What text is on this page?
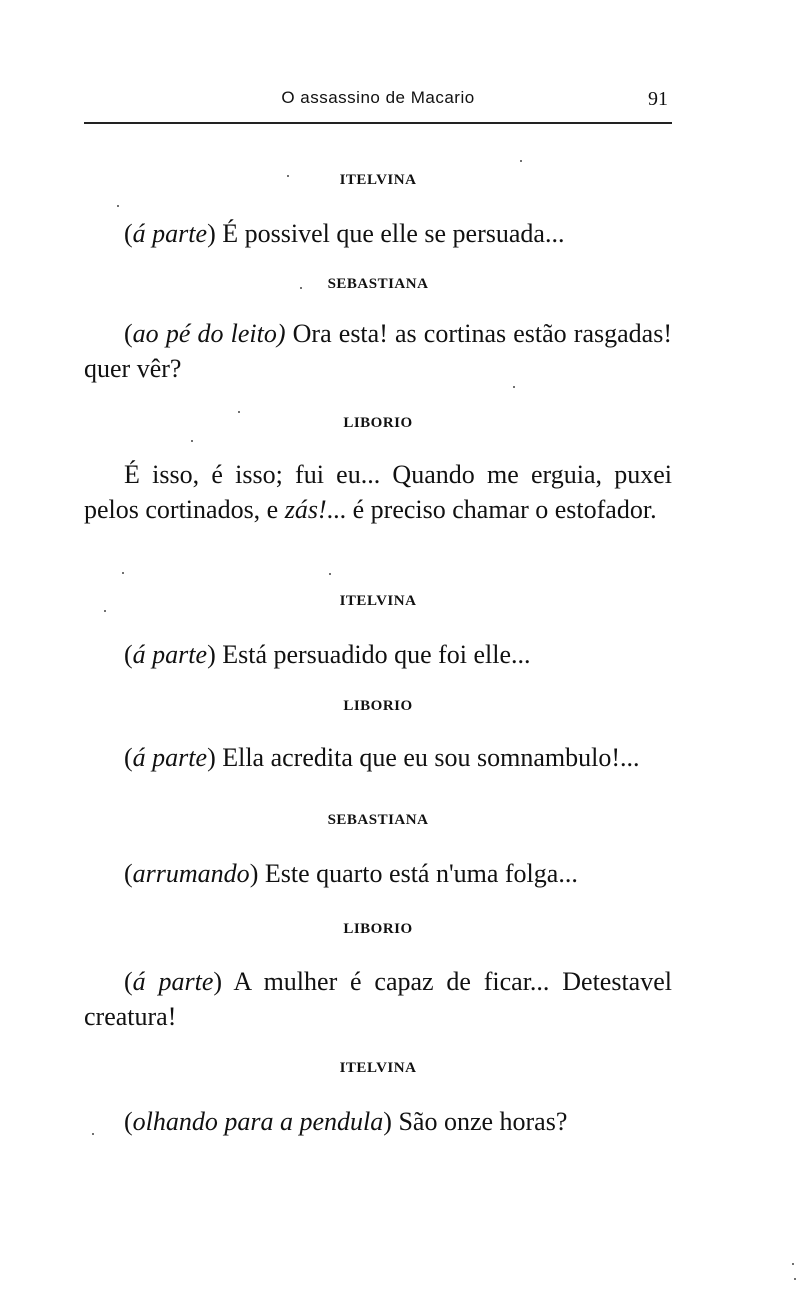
O assassino de Macario	91
ITELVINA
(á parte) É possivel que elle se persuada...
SEBASTIANA
(ao pé do leito) Ora esta! as cortinas estão rasgadas! quer vêr?
LIBORIO
É isso, é isso; fui eu... Quando me erguia, puxei pelos cortinados, e zás!... é preciso chamar o estofador.
ITELVINA
(á parte) Está persuadido que foi elle...
LIBORIO
(á parte) Ella acredita que eu sou somnambulo!...
SEBASTIANA
(arrumando) Este quarto está n'uma folga...
LIBORIO
(á parte) A mulher é capaz de ficar... Detestavel creatura!
ITELVINA
(olhando para a pendula) São onze horas?
